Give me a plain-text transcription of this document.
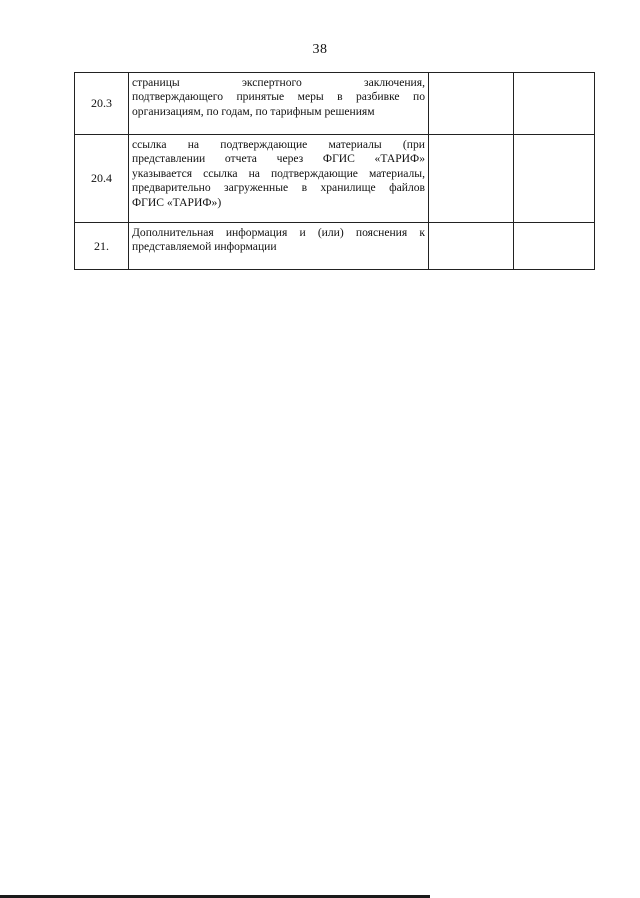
38
20.3	страницы экспертного заключения,
подтверждающего принятые меры в разбивке по
организациям, по годам, по тарифным решениям		

20.4	ссылка на подтверждающие материалы (при
представлении отчета через ФГИС «ТАРИФ»
указывается ссылка на подтверждающие материалы,
предварительно загруженные в хранилище файлов
ФГИС «ТАРИФ»)		

21.	Дополнительная информация и (или) пояснения к
представляемой информации		
